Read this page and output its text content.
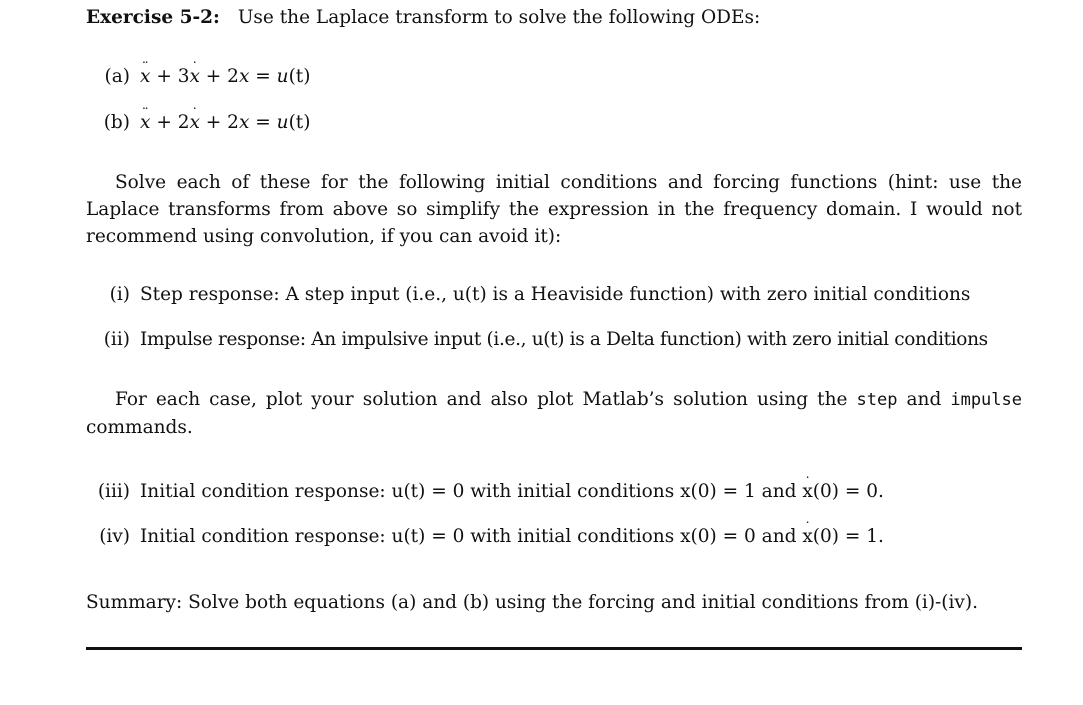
Exercise 5-2: Use the Laplace transform to solve the following ODEs:
(a) x ¨ + 3x ˙ + 2x = u(t)
(b) x ¨ + 2x ˙ + 2x = u(t)

Solve each of these for the following initial conditions and forcing functions (hint: use the Laplace transforms from above so simplify the expression in the frequency domain. I would not recommend using convolution, if you can avoid it):

(i) Step response: A step input (i.e., u(t) is a Heaviside function) with zero initial conditions
(ii) Impulse response: An impulsive input (i.e., u(t) is a Delta function) with zero initial conditions

For each case, plot your solution and also plot Matlab’s solution using the step and impulse commands.

(iii) Initial condition response: u(t) = 0 with initial conditions x(0) = 1 and x ˙(0) = 0.
(iv) Initial condition response: u(t) = 0 with initial conditions x(0) = 0 and x ˙(0) = 1.

Summary: Solve both equations (a) and (b) using the forcing and initial conditions from (i)-(iv).
